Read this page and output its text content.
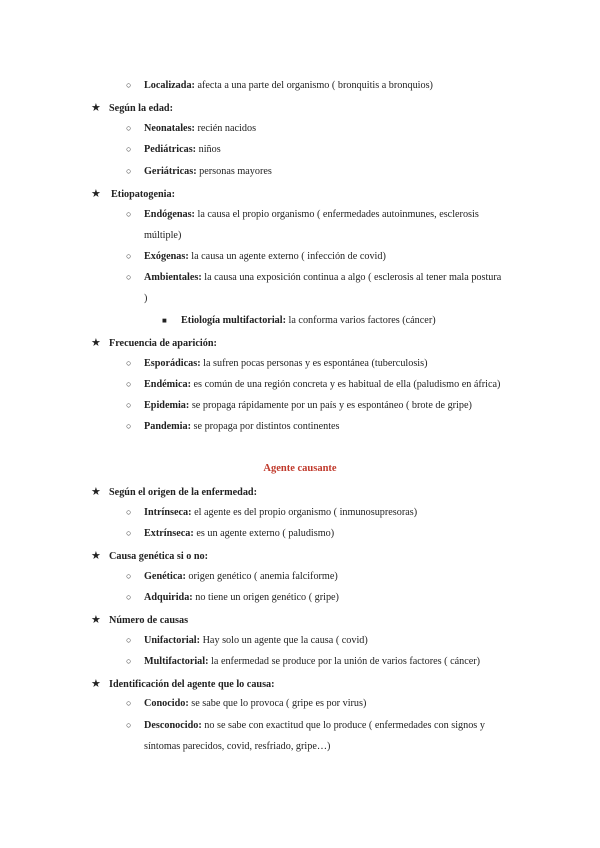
○ Localizada: afecta a una parte del organismo ( bronquitis a bronquios)
★ Según la edad:
○ Neonatales: recién nacidos
○ Pediátricas: niños
○ Geriátricas: personas mayores
★ Etiopatogenia:
○ Endógenas: la causa el propio organismo ( enfermedades autoinmunes, esclerosis
múltiple)
○ Exógenas: la causa un agente externo ( infección de covid)
○ Ambientales: la causa una exposición continua a algo ( esclerosis al tener mala postura
)
■ Etiología multifactorial: la conforma varios factores (cáncer)
★ Frecuencia de aparición:
○ Esporádicas: la sufren pocas personas y es espontánea (tuberculosis)
○ Endémica: es común de una región concreta y es habitual de ella (paludismo en áfrica)
○ Epidemia: se propaga rápidamente por un país y es espontáneo ( brote de gripe)
○ Pandemia: se propaga por distintos continentes
Agente causante
★ Según el origen de la enfermedad:
○ Intrínseca: el agente es del propio organismo ( inmunosupresoras)
○ Extrínseca: es un agente externo ( paludismo)
★ Causa genética si o no:
○ Genética: origen genético ( anemia falciforme)
○ Adquirida: no tiene un origen genético ( gripe)
★ Número de causas
○ Unifactorial: Hay solo un agente que la causa ( covid)
○ Multifactorial: la enfermedad se produce por la unión de varios factores ( cáncer)
★ Identificación del agente que lo causa:
○ Conocido: se sabe que lo provoca ( gripe es por virus)
○ Desconocido: no se sabe con exactitud que lo produce ( enfermedades con signos y
síntomas parecidos, covid, resfriado, gripe…)
